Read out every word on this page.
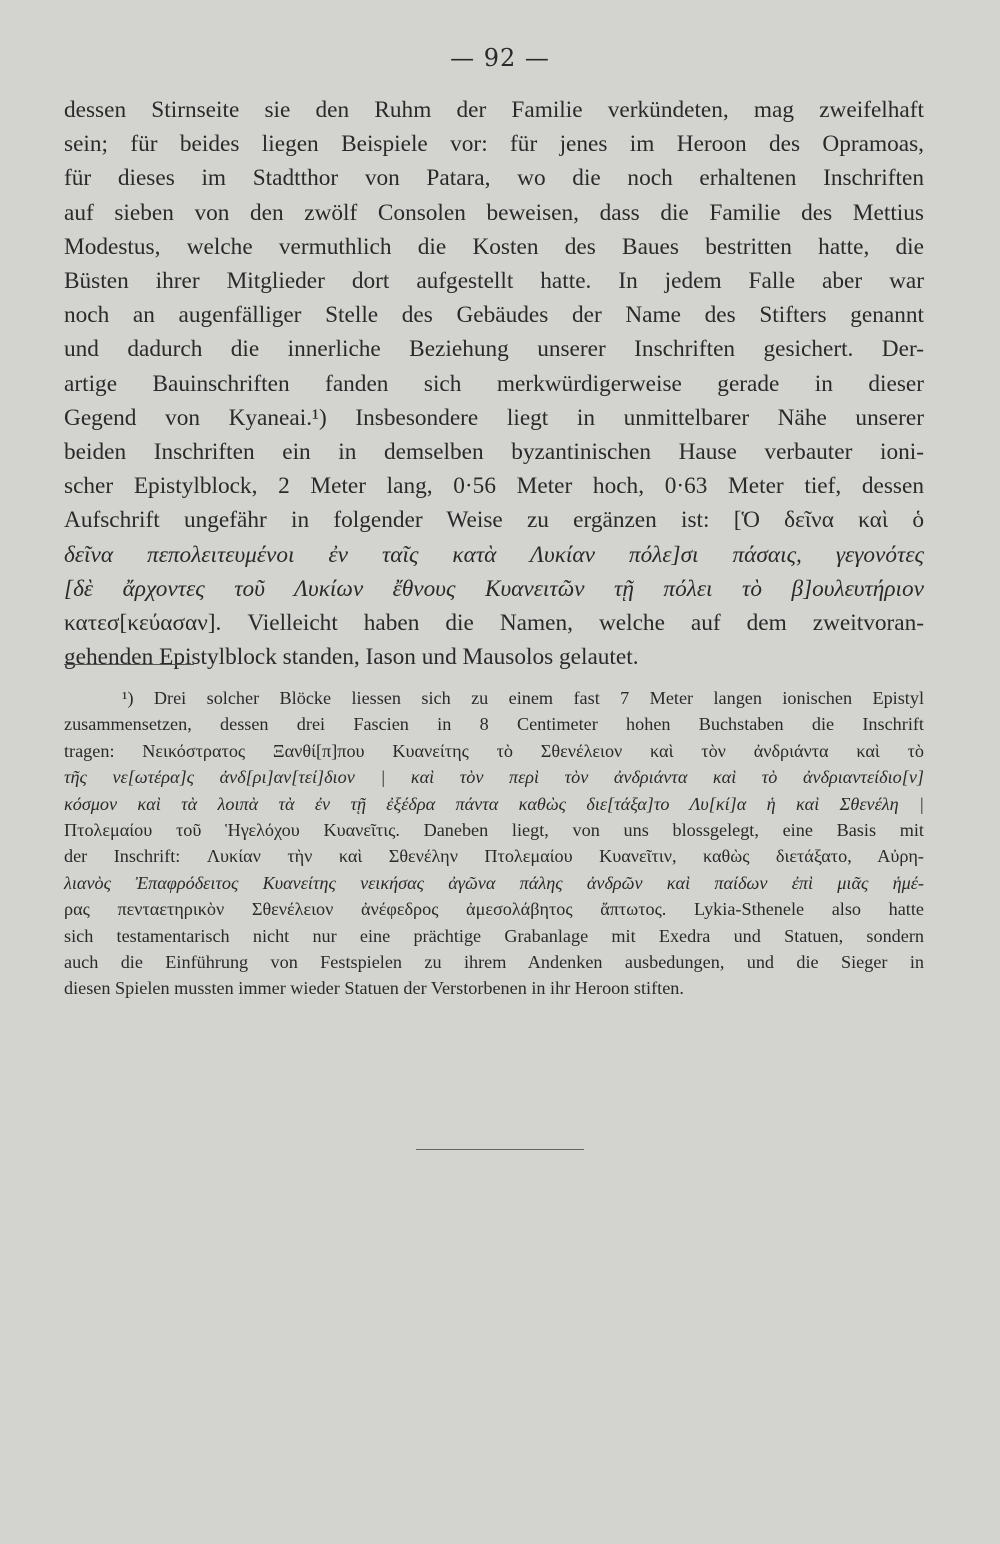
— 92 —
dessen Stirnseite sie den Ruhm der Familie verkündeten, mag zweifelhaft
sein; für beides liegen Beispiele vor: für jenes im Heroon des Opramoas,
für dieses im Stadtthor von Patara, wo die noch erhaltenen Inschriften
auf sieben von den zwölf Consolen beweisen, dass die Familie des Mettius
Modestus, welche vermuthlich die Kosten des Baues bestritten hatte, die
Büsten ihrer Mitglieder dort aufgestellt hatte. In jedem Falle aber war
noch an augenfälliger Stelle des Gebäudes der Name des Stifters genannt
und dadurch die innerliche Beziehung unserer Inschriften gesichert. Der-
artige Bauinschriften fanden sich merkwürdigerweise gerade in dieser
Gegend von Kyaneai.¹) Insbesondere liegt in unmittelbarer Nähe unserer
beiden Inschriften ein in demselben byzantinischen Hause verbauter ioni-
scher Epistylblock, 2 Meter lang, 0·56 Meter hoch, 0·63 Meter tief, dessen
Aufschrift ungefähr in folgender Weise zu ergänzen ist: [Ὁ δεῖνα καὶ ὁ
δεῖνα πεπολειτευμένοι ἐν ταῖς κατὰ Λυκίαν πόλε]σι πάσαις, γεγονότες
[δὲ ἄρχοντες τοῦ Λυκίων ἔθνους Κυανειτῶν τῇ πόλει τὸ β]ουλευτήριον
κατεσ[κεύασαν]. Vielleicht haben die Namen, welche auf dem zweitvoran-
gehenden Epistylblock standen, Iason und Mausolos gelautet.
¹) Drei solcher Blöcke liessen sich zu einem fast 7 Meter langen ionischen Epistyl
zusammensetzen, dessen drei Fascien in 8 Centimeter hohen Buchstaben die Inschrift
tragen: Νεικόστρατος Ξανθί[π]που Κυανείτης τὸ Σθενέλειον καὶ τὸν ἀνδριάντα καὶ τὸ
τῆς νε[ωτέρα]ς ἀνδ[ρι]αν[τεί]διον | καὶ τὸν περὶ τὸν ἀνδριάντα καὶ τὸ ἀνδριαντείδιο[ν]
κόσμον καὶ τὰ λοιπὰ τὰ ἐν τῇ ἐξέδρα πάντα καθὼς διε[τάξα]το Λυ[κί]α ἡ καὶ Σθενέλη |
Πτολεμαίου τοῦ Ἡγελόχου Κυανεῖτις. Daneben liegt, von uns blossgelegt, eine Basis mit
der Inschrift: Λυκίαν τὴν καὶ Σθενέλην Πτολεμαίου Κυανεῖτιν, καθὼς διετάξατο, Αὐρη-
λιανὸς Ἐπαφρόδειτος Κυανείτης νεικήσας ἀγῶνα πάλης ἀνδρῶν καὶ παίδων ἐπὶ μιᾶς ἡμέ-
ρας πενταετηρικὸν Σθενέλειον ἀνέφεδρος ἀμεσολάβητος ἄπτωτος. Lykia-Sthenele also hatte
sich testamentarisch nicht nur eine prächtige Grabanlage mit Exedra und Statuen, sondern
auch die Einführung von Festspielen zu ihrem Andenken ausbedungen, und die Sieger in
diesen Spielen mussten immer wieder Statuen der Verstorbenen in ihr Heroon stiften.
